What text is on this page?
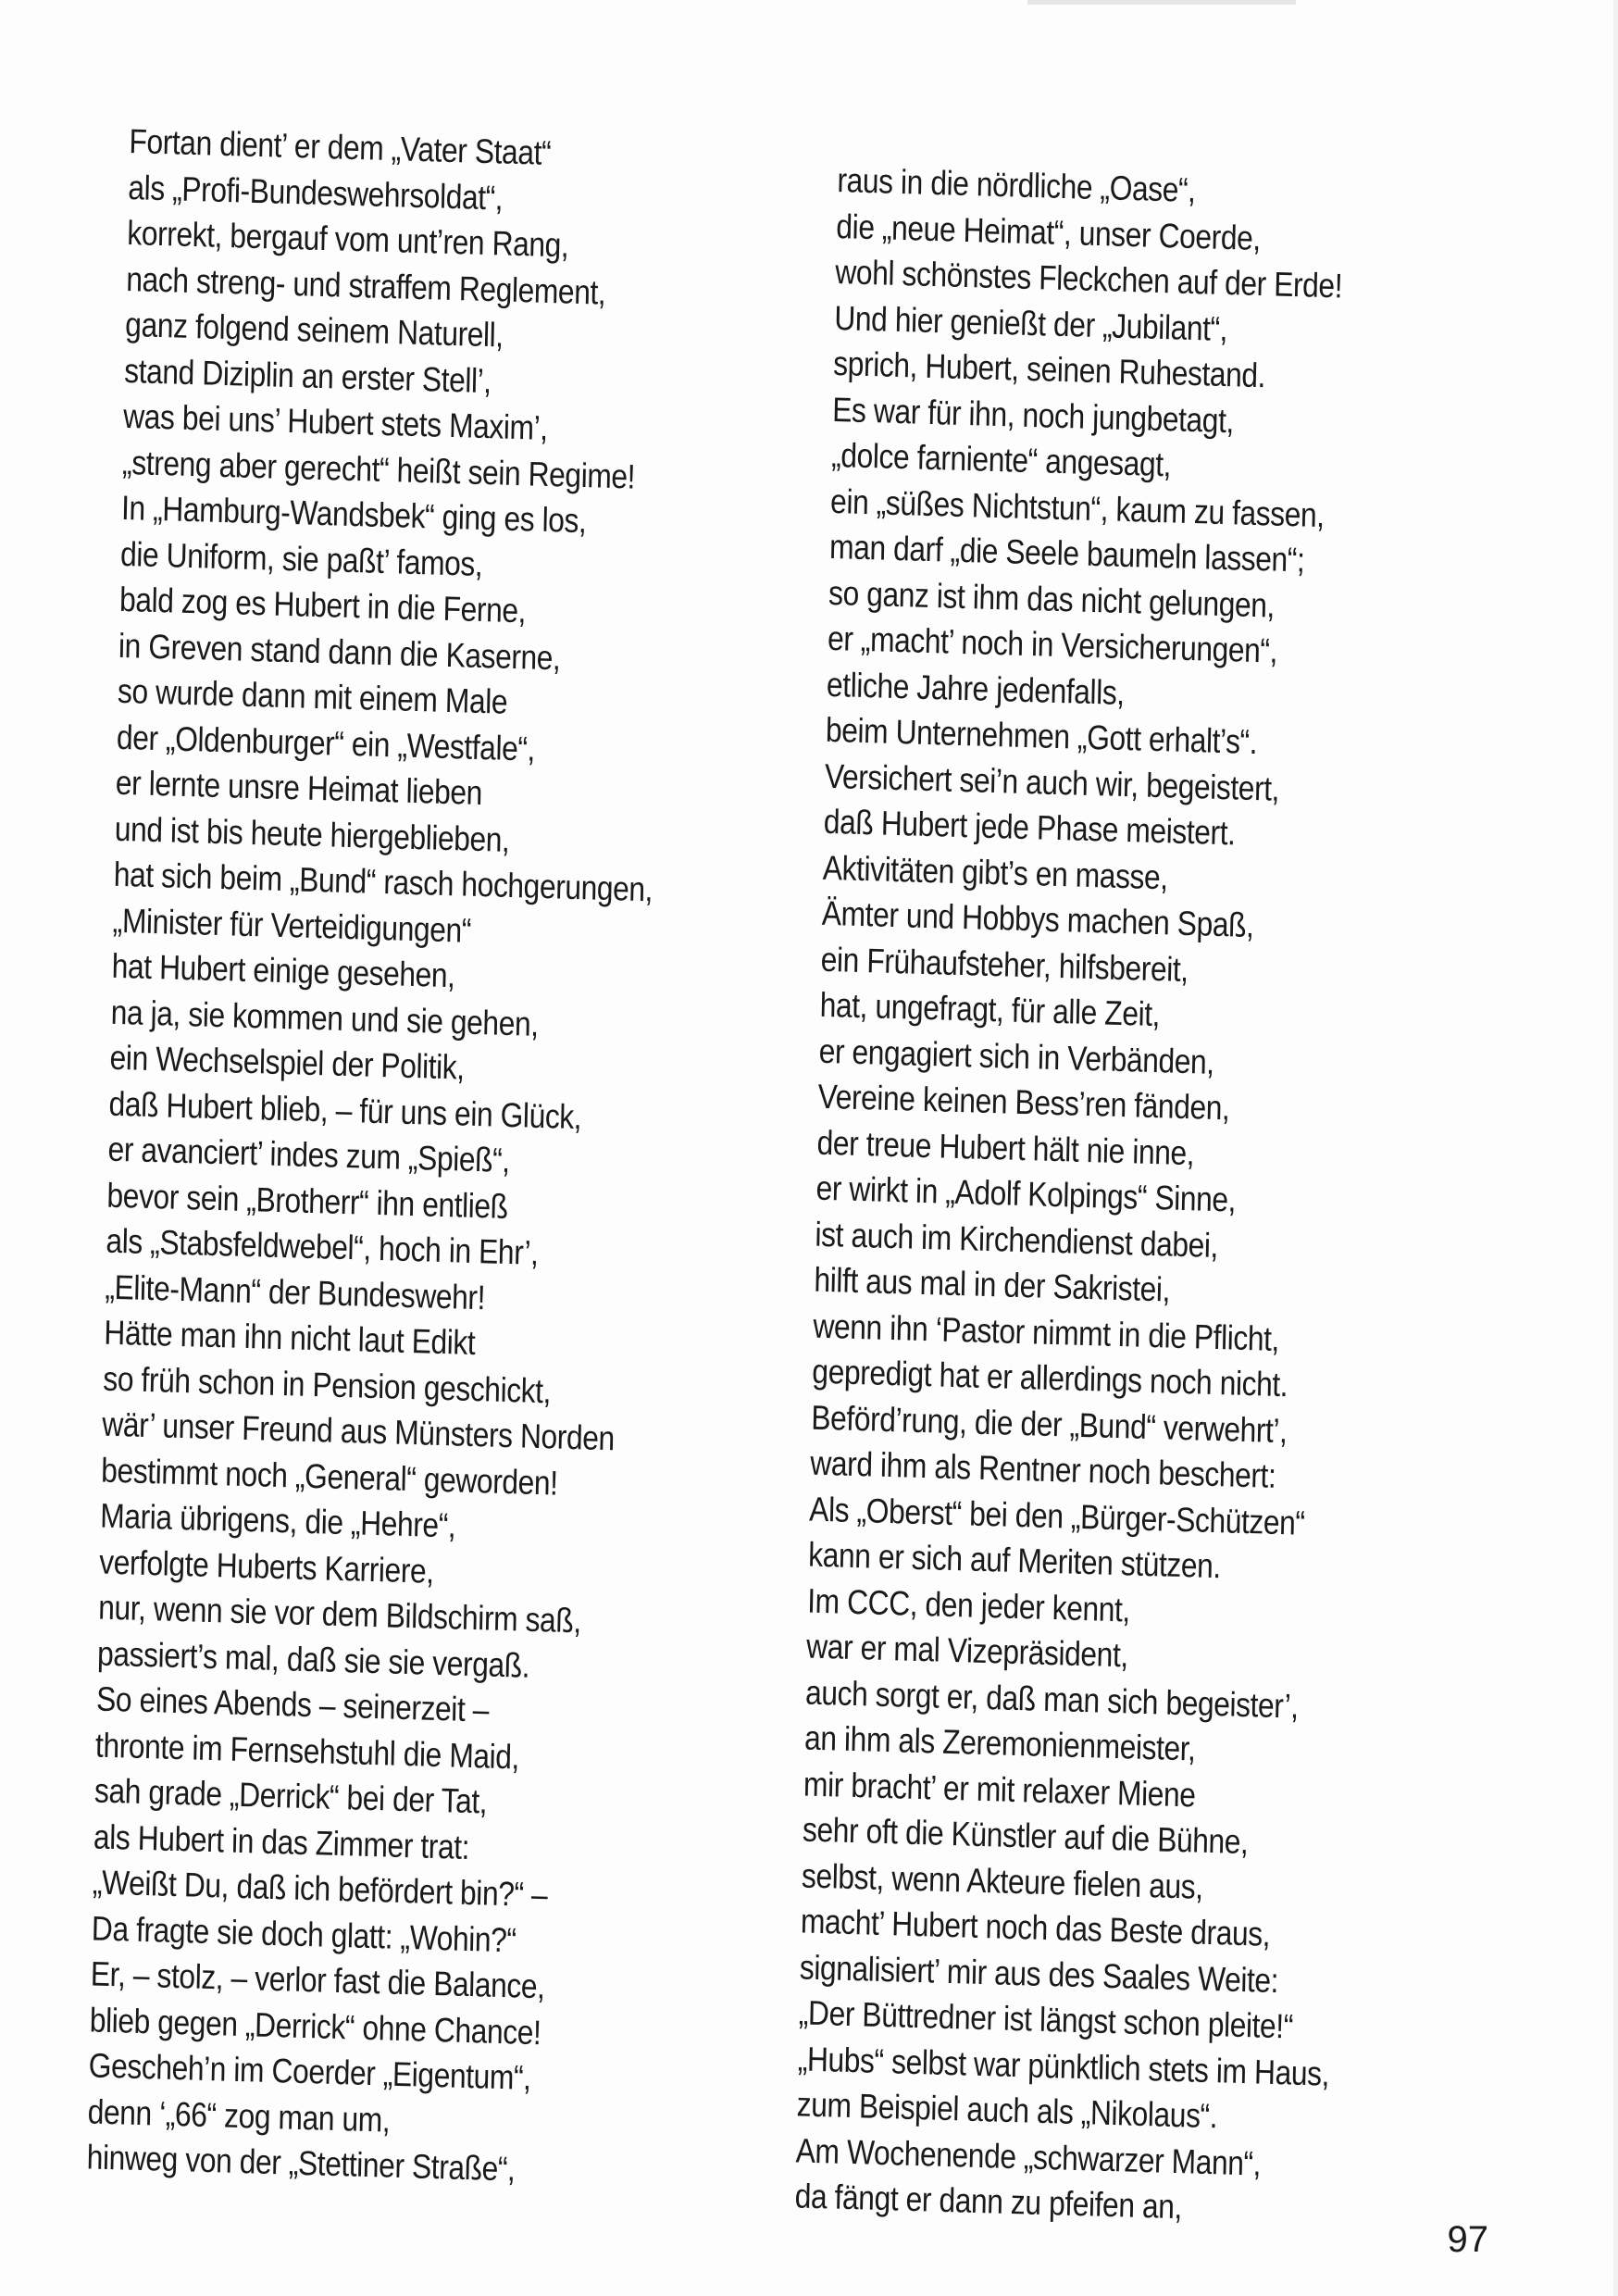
Fortan dient’ er dem „Vater Staat“
als „Profi-Bundeswehrsoldat“,
korrekt, bergauf vom unt’ren Rang,
nach streng- und straffem Reglement,
ganz folgend seinem Naturell,
stand Diziplin an erster Stell’,
was bei uns’ Hubert stets Maxim’,
„streng aber gerecht“ heißt sein Regime!
In „Hamburg-Wandsbek“ ging es los,
die Uniform, sie paßt’ famos,
bald zog es Hubert in die Ferne,
in Greven stand dann die Kaserne,
so wurde dann mit einem Male
der „Oldenburger“ ein „Westfale“,
er lernte unsre Heimat lieben
und ist bis heute hiergeblieben,
hat sich beim „Bund“ rasch hochgerungen,
„Minister für Verteidigungen“
hat Hubert einige gesehen,
na ja, sie kommen und sie gehen,
ein Wechselspiel der Politik,
daß Hubert blieb, – für uns ein Glück,
er avanciert’ indes zum „Spieß“,
bevor sein „Brotherr“ ihn entließ
als „Stabsfeldwebel“, hoch in Ehr’,
„Elite-Mann“ der Bundeswehr!
Hätte man ihn nicht laut Edikt
so früh schon in Pension geschickt,
wär’ unser Freund aus Münsters Norden
bestimmt noch „General“ geworden!
Maria übrigens, die „Hehre“,
verfolgte Huberts Karriere,
nur, wenn sie vor dem Bildschirm saß,
passiert’s mal, daß sie sie vergaß.
So eines Abends – seinerzeit –
thronte im Fernsehstuhl die Maid,
sah grade „Derrick“ bei der Tat,
als Hubert in das Zimmer trat:
„Weißt Du, daß ich befördert bin?“ –
Da fragte sie doch glatt: „Wohin?“
Er, – stolz, – verlor fast die Balance,
blieb gegen „Derrick“ ohne Chance!
Gescheh’n im Coerder „Eigentum“,
denn ‘„66“ zog man um,
hinweg von der „Stettiner Straße“,
raus in die nördliche „Oase“,
die „neue Heimat“, unser Coerde,
wohl schönstes Fleckchen auf der Erde!
Und hier genießt der „Jubilant“,
sprich, Hubert, seinen Ruhestand.
Es war für ihn, noch jungbetagt,
„dolce farniente“ angesagt,
ein „süßes Nichtstun“, kaum zu fassen,
man darf „die Seele baumeln lassen“;
so ganz ist ihm das nicht gelungen,
er „macht’ noch in Versicherungen“,
etliche Jahre jedenfalls,
beim Unternehmen „Gott erhalt’s“.
Versichert sei’n auch wir, begeistert,
daß Hubert jede Phase meistert.
Aktivitäten gibt’s en masse,
Ämter und Hobbys machen Spaß,
ein Frühaufsteher, hilfsbereit,
hat, ungefragt, für alle Zeit,
er engagiert sich in Verbänden,
Vereine keinen Bess’ren fänden,
der treue Hubert hält nie inne,
er wirkt in „Adolf Kolpings“ Sinne,
ist auch im Kirchendienst dabei,
hilft aus mal in der Sakristei,
wenn ihn ‘Pastor nimmt in die Pflicht,
gepredigt hat er allerdings noch nicht.
Beförd’rung, die der „Bund“ verwehrt’,
ward ihm als Rentner noch beschert:
Als „Oberst“ bei den „Bürger-Schützen“
kann er sich auf Meriten stützen.
Im CCC, den jeder kennt,
war er mal Vizepräsident,
auch sorgt er, daß man sich begeister’,
an ihm als Zeremonienmeister,
mir bracht’ er mit relaxer Miene
sehr oft die Künstler auf die Bühne,
selbst, wenn Akteure fielen aus,
macht’ Hubert noch das Beste draus,
signalisiert’ mir aus des Saales Weite:
„Der Büttredner ist längst schon pleite!“
„Hubs“ selbst war pünktlich stets im Haus,
zum Beispiel auch als „Nikolaus“.
Am Wochenende „schwarzer Mann“,
da fängt er dann zu pfeifen an,
97
